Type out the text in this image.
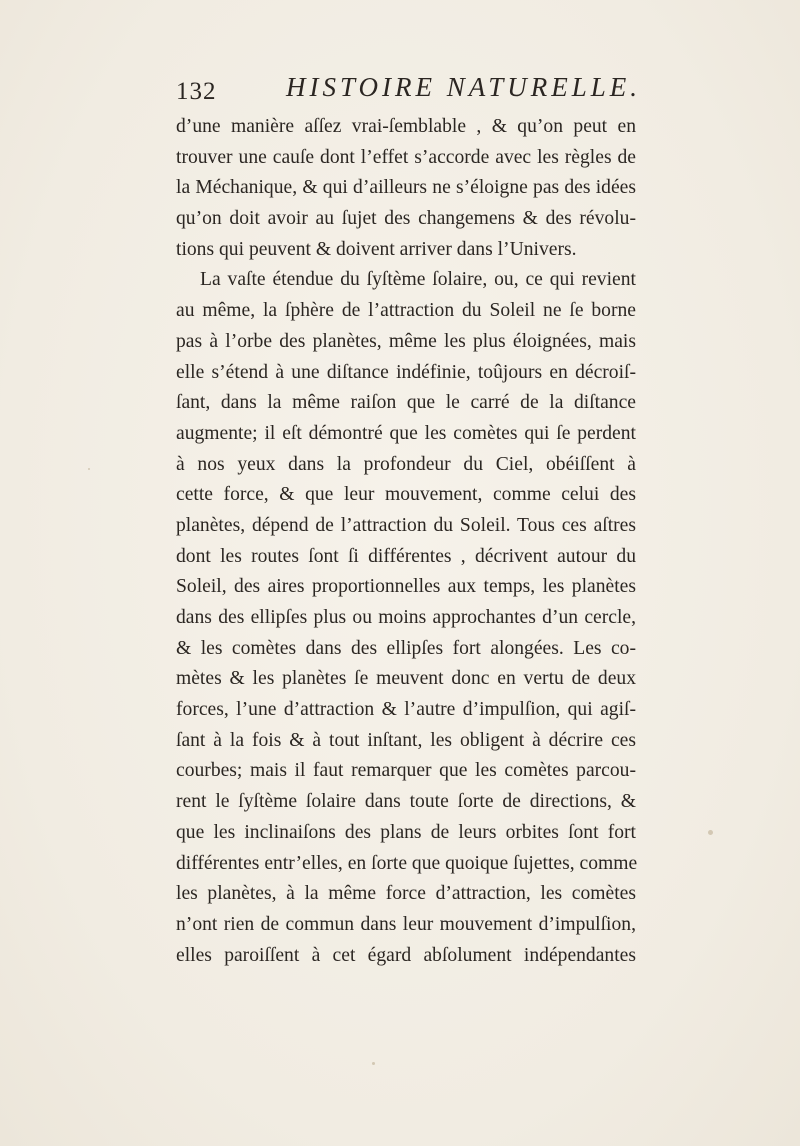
132	HISTOIRE NATURELLE.
d’une manière aſſez vrai-ſemblable , & qu’on peut en
trouver une cauſe dont l’effet s’accorde avec les règles de
la Méchanique, & qui d’ailleurs ne s’éloigne pas des idées
qu’on doit avoir au ſujet des changemens & des révolu-
tions qui peuvent & doivent arriver dans l’Univers.
La vaſte étendue du ſyſtème ſolaire, ou, ce qui revient
au même, la ſphère de l’attraction du Soleil ne ſe borne
pas à l’orbe des planètes, même les plus éloignées, mais
elle s’étend à une diſtance indéfinie, toûjours en décroiſ-
ſant, dans la même raiſon que le carré de la diſtance
augmente; il eſt démontré que les comètes qui ſe perdent
à nos yeux dans la profondeur du Ciel, obéiſſent à
cette force, & que leur mouvement, comme celui des
planètes, dépend de l’attraction du Soleil. Tous ces aſtres
dont les routes ſont ſi différentes , décrivent autour du
Soleil, des aires proportionnelles aux temps, les planètes
dans des ellipſes plus ou moins approchantes d’un cercle,
& les comètes dans des ellipſes fort alongées. Les co-
mètes & les planètes ſe meuvent donc en vertu de deux
forces, l’une d’attraction & l’autre d’impulſion, qui agiſ-
ſant à la fois & à tout inſtant, les obligent à décrire ces
courbes; mais il faut remarquer que les comètes parcou-
rent le ſyſtème ſolaire dans toute ſorte de directions, &
que les inclinaiſons des plans de leurs orbites ſont fort
différentes entr’elles, en ſorte que quoique ſujettes, comme
les planètes, à la même force d’attraction, les comètes
n’ont rien de commun dans leur mouvement d’impulſion,
elles paroiſſent à cet égard abſolument indépendantes
